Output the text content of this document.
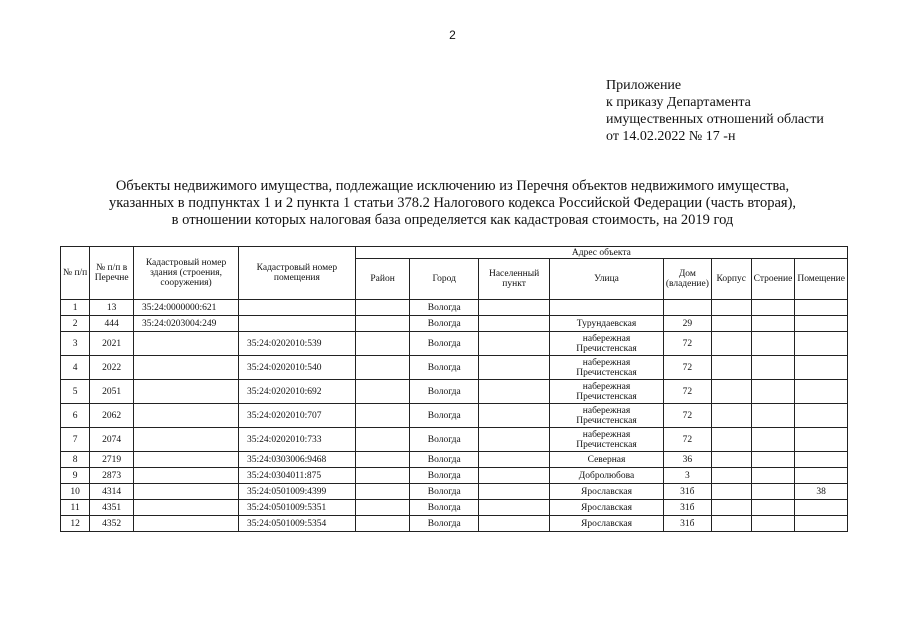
2
Приложение
к приказу Департамента
имущественных отношений области
от 14.02.2022 № 17 -н
Объекты недвижимого имущества, подлежащие исключению из Перечня объектов недвижимого имущества,
указанных в подпунктах 1 и 2 пункта 1 статьи 378.2 Налогового кодекса Российской Федерации (часть вторая),
в отношении которых налоговая база определяется как кадастровая стоимость, на 2019 год
№ п/п	№ п/п в Перечне	Кадастровый номер здания (строения, сооружения)	Кадастровый номер помещения	Адрес объекта							
				Район	Город	Населенный пункт	Улица	Дом (владение)	Корпус	Строение	Помещение
1	13	35:24:0000000:621			Вологда						
2	444	35:24:0203004:249			Вологда		Турундаевская	29			
3	2021		35:24:0202010:539		Вологда		набережная Пречистенская	72			
4	2022		35:24:0202010:540		Вологда		набережная Пречистенская	72			
5	2051		35:24:0202010:692		Вологда		набережная Пречистенская	72			
6	2062		35:24:0202010:707		Вологда		набережная Пречистенская	72			
7	2074		35:24:0202010:733		Вологда		набережная Пречистенская	72			
8	2719		35:24:0303006:9468		Вологда		Северная	36			
9	2873		35:24:0304011:875		Вологда		Добролюбова	3			
10	4314		35:24:0501009:4399		Вологда		Ярославская	31б			38
11	4351		35:24:0501009:5351		Вологда		Ярославская	31б			
12	4352		35:24:0501009:5354		Вологда		Ярославская	31б			
